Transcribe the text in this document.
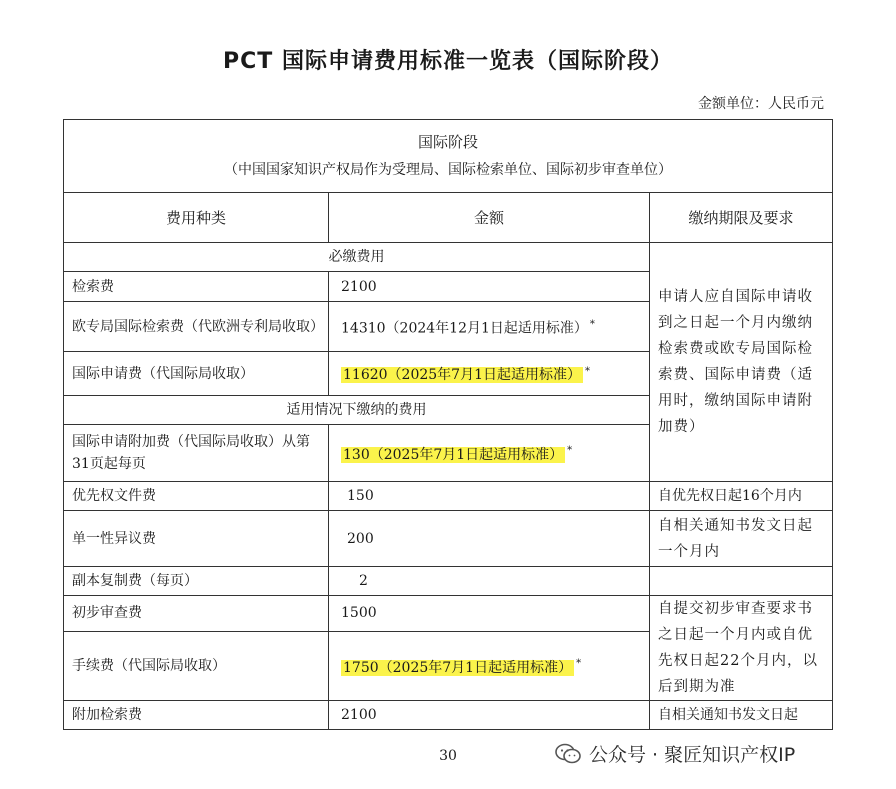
PCT 国际申请费用标准一览表（国际阶段）
金额单位：人民币元
国际阶段
（中国国家知识产权局作为受理局、国际检索单位、国际初步审查单位）		

费用种类	金额	缴纳期限及要求
必缴费用		申请人应自国际申请收到之日起一个月内缴纳检索费或欧专局国际检索费、国际申请费（适用时，缴纳国际申请附加费）
检索费	2100	
欧专局国际检索费（代欧洲专利局收取）	14310（2024年12月1日起适用标准） *
国际申请费（代国际局收取）	11620（2025年7月1日起适用标准） *
适用情况下缴纳的费用		
国际申请附加费（代国际局收取）从第31页起每页	130（2025年7月1日起适用标准） *
优先权文件费	150	自优先权日起16个月内
单一性异议费	200	自相关通知书发文日起一个月内
副本复制费（每页）	2	
初步审查费	1500	自提交初步审查要求书之日起一个月内或自优先权日起22个月内，以后到期为准
手续费（代国际局收取）	1750（2025年7月1日起适用标准） *
附加检索费	2100	自相关通知书发文日起
30	公众号 · 聚匠知识产权IP
